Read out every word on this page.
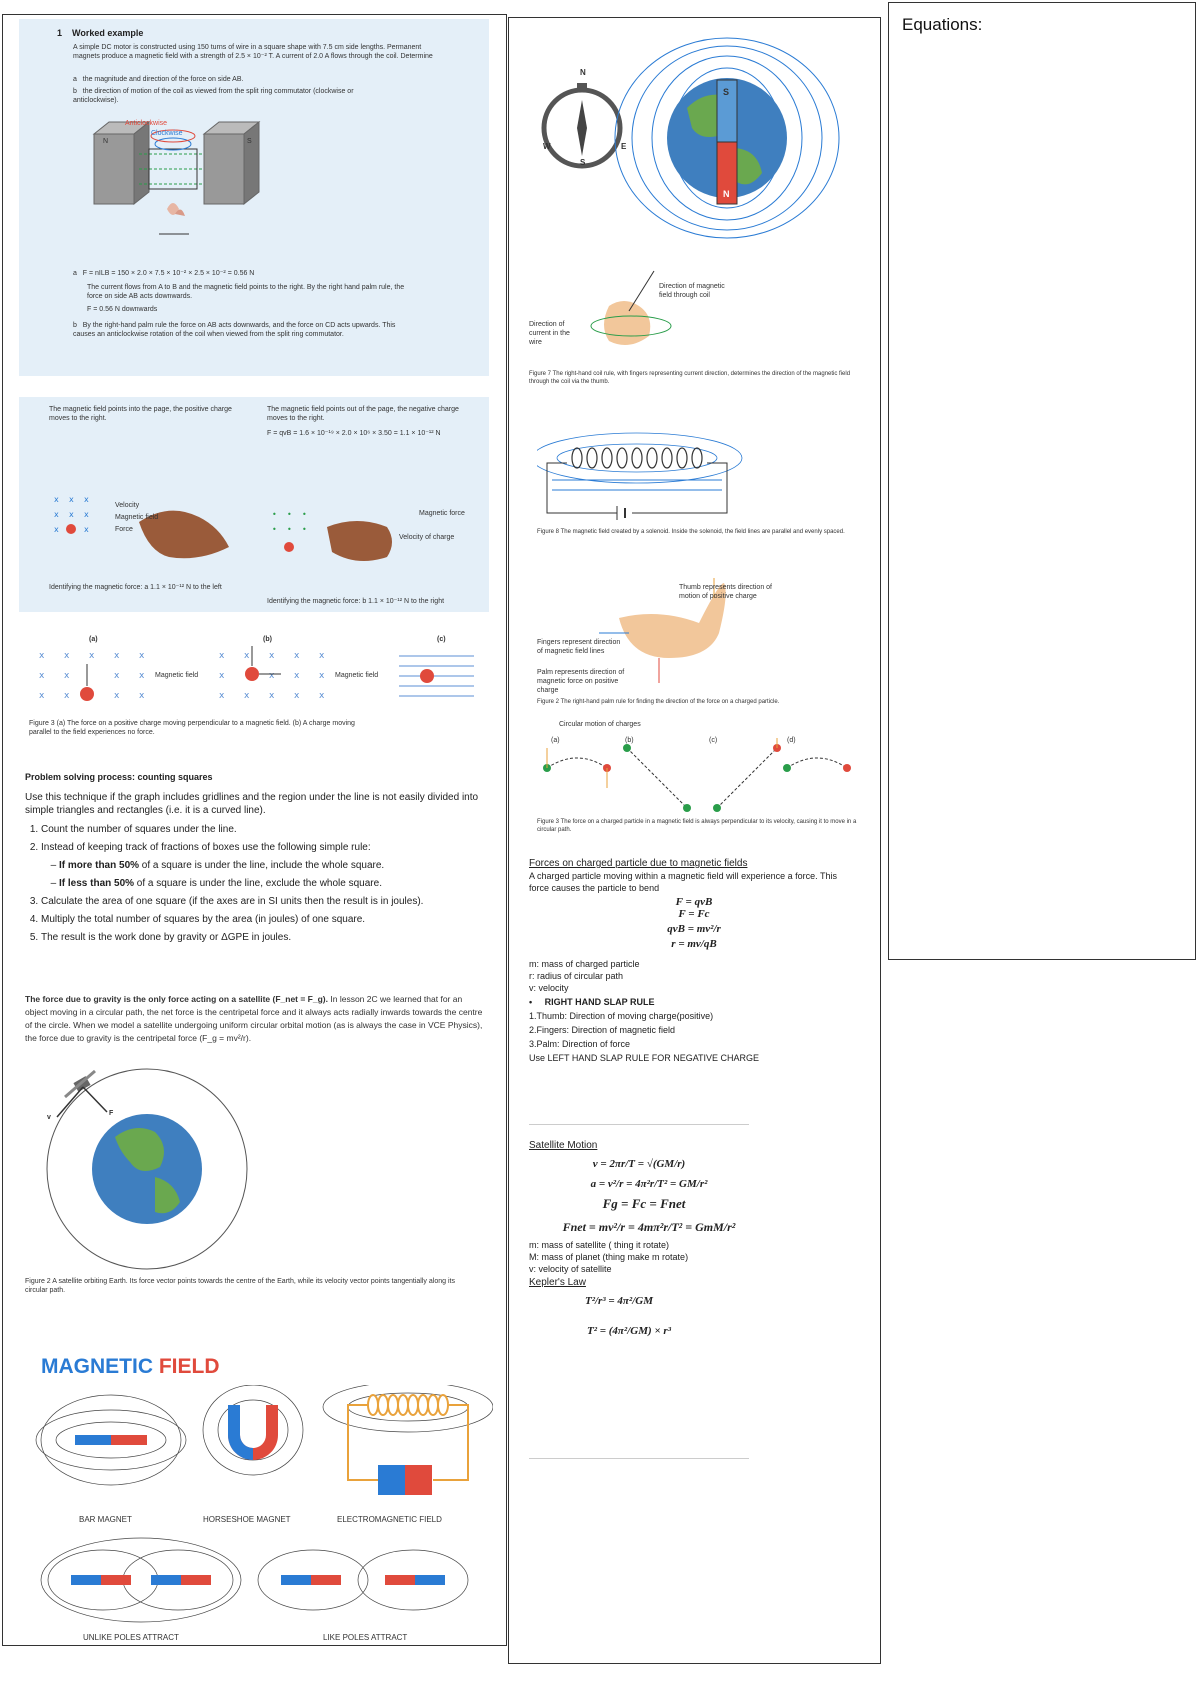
1 Worked example
A simple DC motor is constructed using 150 turns of wire in a square shape with 7.5 cm side lengths. Permanent magnets produce a magnetic field with a strength of 2.5 × 10⁻² T. A current of 2.0 A flows through the coil. Determine
a the magnitude and direction of the force on side AB.
b the direction of motion of the coil as viewed from the split ring commutator (clockwise or anticlockwise).
Anticlockwise
Clockwise
N	S
a   F = nILB = 150 × 2.0 × 7.5 × 10⁻² × 2.5 × 10⁻² = 0.56 N
The current flows from A to B and the magnetic field points to the right. By the right hand palm rule, the force on side AB acts downwards.
F = 0.56 N downwards
b   By the right-hand palm rule the force on AB acts downwards, and the force on CD acts upwards. This causes an anticlockwise rotation of the coil when viewed from the split ring commutator.
The magnetic field points into the page, the positive charge moves to the right.
The magnetic field points out of the page, the negative charge moves to the right.
F = qvB = 1.6 × 10⁻¹⁹ × 2.0 × 10⁶ × 3.50 = 1.1 × 10⁻¹² N
x x x
x x x
x	x
Velocity
Magnetic field
Force
• • •
• • •
Magnetic force
Velocity of charge
Identifying the magnetic force: a 1.1 × 10⁻¹² N to the left
Identifying the magnetic force: b 1.1 × 10⁻¹² N to the right
(a)	(b)	(c)
x x x x x
x x	x x
x x	x x
x x x x x
x	x x x
x x x x x
Magnetic field	Magnetic field
Figure 3 (a) The force on a positive charge moving perpendicular to a magnetic field. (b) A charge moving parallel to the field experiences no force.
Problem solving process: counting squares
Use this technique if the graph includes gridlines and the region under the line is not easily divided into simple triangles and rectangles (i.e. it is a curved line).
1. Count the number of squares under the line.
2. Instead of keeping track of fractions of boxes use the following simple rule:
– If more than 50% of a square is under the line, include the whole square.
– If less than 50% of a square is under the line, exclude the whole square.
3. Calculate the area of one square (if the axes are in SI units then the result is in joules).
4. Multiply the total number of squares by the area (in joules) of one square.
5. The result is the work done by gravity or ΔGPE in joules.
The force due to gravity is the only force acting on a satellite (F_net = F_g). In lesson 2C we learned that for an object moving in a circular path, the net force is the centripetal force and it always acts radially inwards towards the centre of the circle. When we model a satellite undergoing uniform circular orbital motion (as is always the case in VCE Physics), the force due to gravity is the centripetal force (F_g = mv²/r).
v
F
Figure 2 A satellite orbiting Earth. Its force vector points towards the centre of the Earth, while its velocity vector points tangentially along its circular path.
MAGNETIC FIELD
BAR MAGNET	HORSESHOE MAGNET	ELECTROMAGNETIC FIELD
UNLIKE POLES ATTRACT	LIKE POLES ATTRACT
N
S
E
W
S
N
Direction of magnetic field through coil
Direction of current in the wire
Figure 7 The right-hand coil rule, with fingers representing current direction, determines the direction of the magnetic field through the coil via the thumb.
Figure 8 The magnetic field created by a solenoid. Inside the solenoid, the field lines are parallel and evenly spaced.
Thumb represents direction of motion of positive charge
Fingers represent direction of magnetic field lines
Palm represents direction of magnetic force on positive charge
Figure 2 The right-hand palm rule for finding the direction of the force on a charged particle.
Circular motion of charges
(a)	(b)	(c)	(d)
Figure 3 The force on a charged particle in a magnetic field is always perpendicular to its velocity, causing it to move in a circular path.
Forces on charged particle due to magnetic fields
A charged particle moving within a magnetic field will experience a force. This force causes the particle to bend
F = qvB
F = Fc
qvB = mv²/r
r = mv/qB
m: mass of charged particle
r: radius of circular path
v: velocity
•     RIGHT HAND SLAP RULE
1.Thumb: Direction of moving charge(positive)
2.Fingers: Direction of magnetic field
3.Palm: Direction of force
Use LEFT HAND SLAP RULE FOR NEGATIVE CHARGE
Satellite Motion
v = 2πr/T = √(GM/r)
a = v²/r = 4π²r/T² = GM/r²
Fg = Fc = Fnet
Fnet = mv²/r = 4mπ²r/T² = GmM/r²
m: mass of satellite ( thing it rotate)
M: mass of planet (thing make m rotate)
v: velocity of satellite
Kepler's Law
T²/r³ = 4π²/GM
T² = (4π²/GM) × r³
Equations:
